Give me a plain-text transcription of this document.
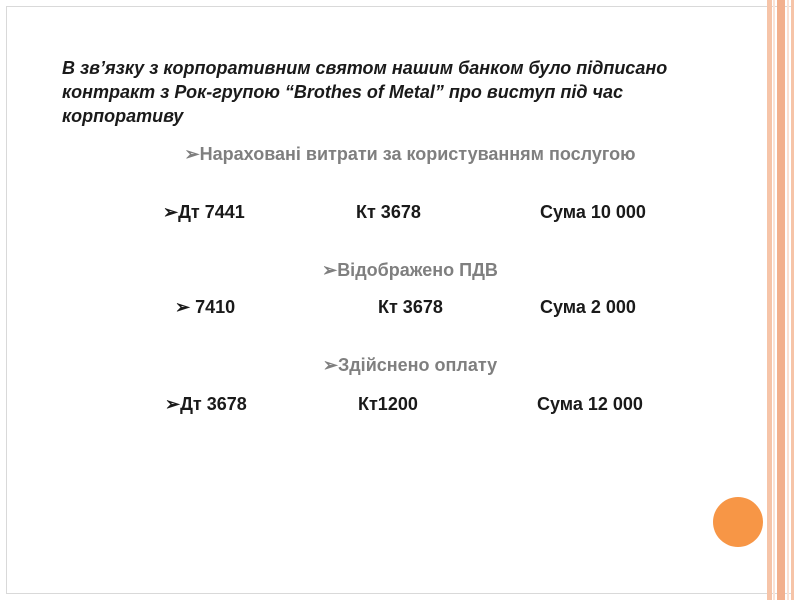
В зв’язку з корпоративним святом нашим банком було підписано
контракт з Рок-групою “Brothes of Metal” про виступ під час
корпоративу
➢Нараховані витрати за користуванням послугою
➢Дт 7441	Кт 3678	Сума 10 000
➢Відображено ПДВ
➢ 7410	Кт 3678	Сума 2 000
➢Здійснено оплату
➢Дт 3678	Кт1200	Сума 12 000
